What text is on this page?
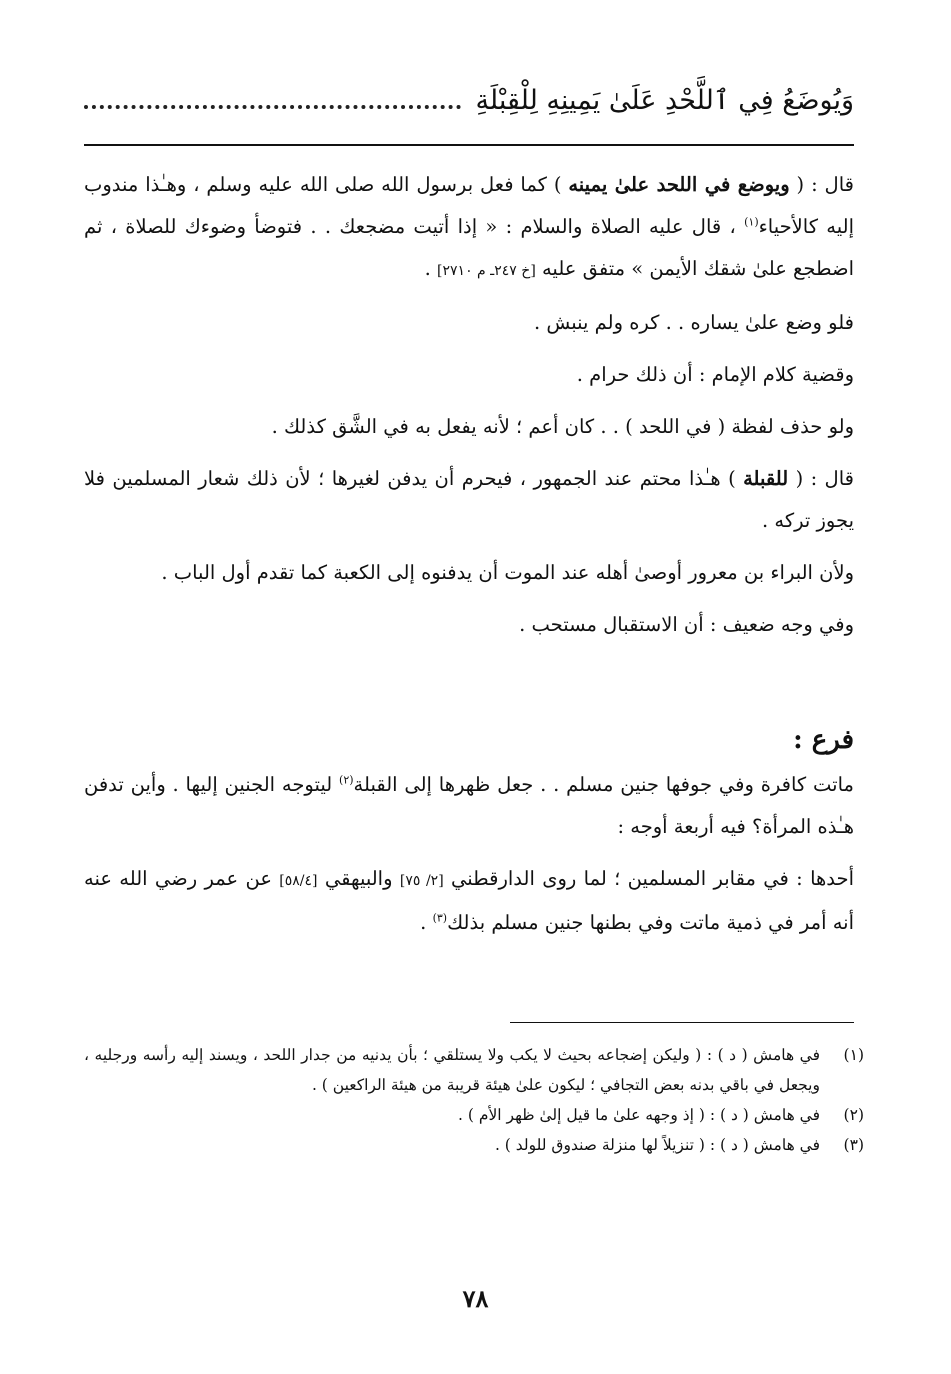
وَيُوضَعُ فِي ٱللَّحْدِ عَلَىٰ يَمِينِهِ لِلْقِبْلَةِ

قال : ( ويوضع في اللحد علىٰ يمينه ) كما فعل برسول الله صلى الله عليه وسلم ، وهـٰذا مندوب إليه كالأحياء$^{(١)}$ ، قال عليه الصلاة والسلام : « إذا أتيت مضجعك . . فتوضأ وضوءك للصلاة ، ثم اضطجع علىٰ شقك الأيمن » متفق عليه [خ ٢٤٧ـ م ٢٧١٠] .

فلو وضع علىٰ يساره . . كره ولم ينبش .

وقضية كلام الإمام : أن ذلك حرام .

ولو حذف لفظة ( في اللحد ) . . كان أعم ؛ لأنه يفعل به في الشَّق كذلك .

قال : ( للقبلة ) هـٰذا محتم عند الجمهور ، فيحرم أن يدفن لغيرها ؛ لأن ذلك شعار المسلمين فلا يجوز تركه .

ولأن البراء بن معرور أوصىٰ أهله عند الموت أن يدفنوه إلى الكعبة كما تقدم أول الباب .

وفي وجه ضعيف : أن الاستقبال مستحب .

فرع :

ماتت كافرة وفي جوفها جنين مسلم . . جعل ظهرها إلى القبلة$^{(٢)}$ ليتوجه الجنين إليها . وأين تدفن هـٰذه المرأة؟ فيه أربعة أوجه :

أحدها : في مقابر المسلمين ؛ لما روى الدارقطني [٢/ ٧٥] والبيهقي [٥٨/٤] عن عمر رضي الله عنه أنه أمر في ذمية ماتت وفي بطنها جنين مسلم بذلك$^{(٣)}$ .

(١)
في هامش ( د ) : ( وليكن إضجاعه بحيث لا يكب ولا يستلقي ؛ بأن يدنيه من جدار اللحد ، ويسند إليه رأسه ورجليه ، ويجعل في باقي بدنه بعض التجافي ؛ ليكون علىٰ هيئة قريبة من هيئة الراكعين ) .
(٢)
في هامش ( د ) : ( إذ وجهه علىٰ ما قيل إلىٰ ظهر الأم ) .
(٣)
في هامش ( د ) : ( تنزيلاً لها منزلة صندوق للولد ) .
٧٨
